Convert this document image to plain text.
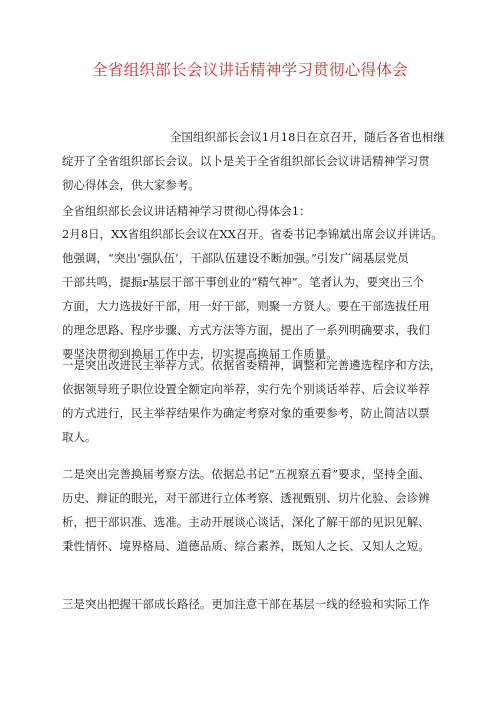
全省组织部长会议讲话精神学习贯彻心得体会

全国组织部长会议1月18日在京召开，随后各省也相继
绽开了全省组织部长会议。以卜是关于全省组织部长会议讲话精神学习贯
彻心得体会，供大家参考。

全省组织部长会议讲话精神学习贯彻心得体会1：

2月8日，XX省组织部长会议在XX召开。省委书记李锦斌出席会议并讲话。
他强调，“突出’强队伍’，干部队伍建设不断加强。”引发广阔基层党员
干部共鸣，提振r基层干部干事创业的“精气神”。笔者认为，要突出三个
方面，大力选拔好干部，用一好干部，则聚一方贤人。要在干部选拔任用
的理念思路、程序步骤、方式方法等方面，提出了一系列明确要求，我们
要坚決贯彻到换届工作中去，切实提高换届工作质量。

一是突出改进民主举荐方式。依据省委精神，调整和完善遴选程序和方法，
依据领导班子职位设置全额定向举荐，实行先个别谈话举荐、后会议举荐
的方式进行，民主举荐结果作为确定考察对象的重要参考，防止简洁以票
取人。

二是突出完善换届考察方法。依据总书记“五视察五看”要求，坚持全面、
历史、辩证的眼光，对干部进行立体考察、透视甄别、切片化验、会诊辨
析，把干部识准、选准。主动开展谈心谈话，深化了解干部的见识见解、
秉性情怀、境界格局、道德品质、综合素养，既知人之长、又知人之短。

三是突出把握干部成长路径。更加注意干部在基层一线的经验和实际工作
